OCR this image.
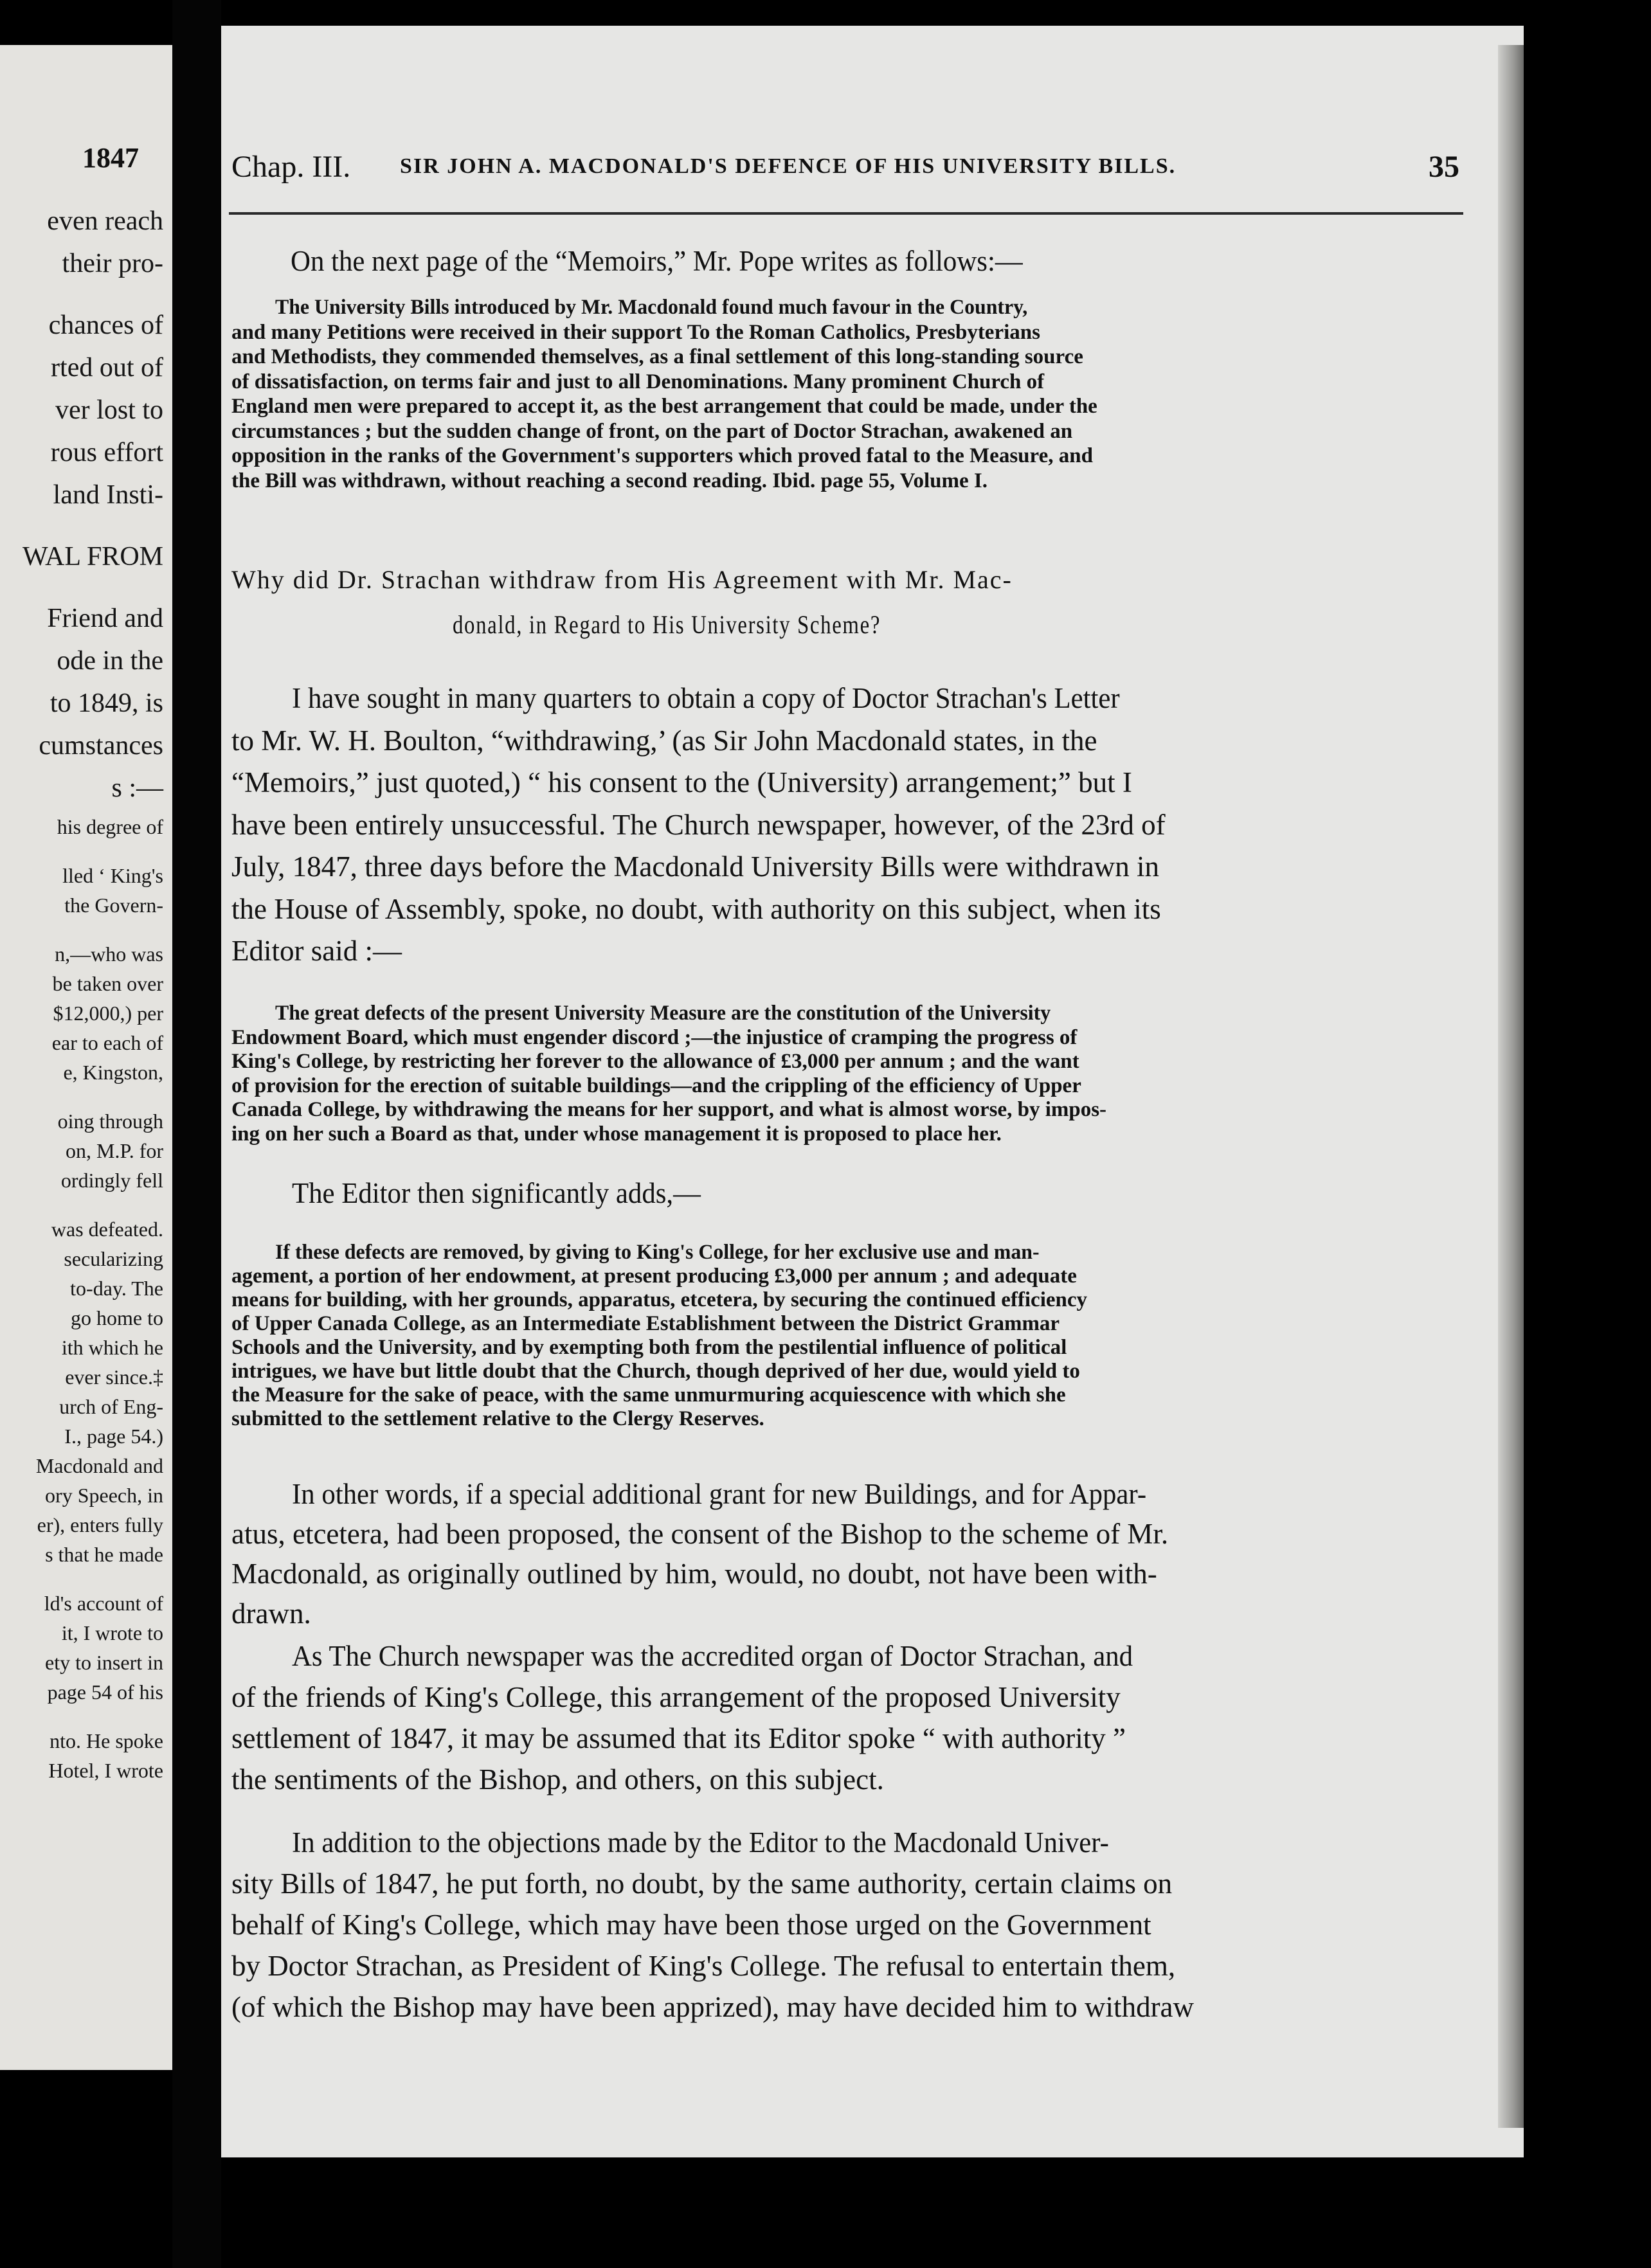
1847
even reach
their pro-
chances of
rted out of
ver lost to
rous effort
land Insti-
WAL FROM
Friend and
ode in the
to 1849, is
cumstances
s :—
his degree of
lled ‘ King's
the Govern-
n,—who was
be taken over
$12,000,) per
ear to each of
e, Kingston,
oing through
on, M.P. for
ordingly fell
was defeated.
secularizing
to-day. The
go home to
ith which he
ever since.‡
urch of Eng-
I., page 54.)
Macdonald and
ory Speech, in
er), enters fully
s that he made
ld's account of
it, I wrote to
ety to insert in
page 54 of his
nto. He spoke
Hotel, I wrote
Chap. III. SIR JOHN A. MACDONALD'S DEFENCE OF HIS UNIVERSITY BILLS.	35
On the next page of the “Memoirs,” Mr. Pope writes as follows:—
The University Bills introduced by Mr. Macdonald found much favour in the Country,
and many Petitions were received in their support To the Roman Catholics, Presbyterians
and Methodists, they commended themselves, as a final settlement of this long-standing source
of dissatisfaction, on terms fair and just to all Denominations. Many prominent Church of
England men were prepared to accept it, as the best arrangement that could be made, under the
circumstances ; but the sudden change of front, on the part of Doctor Strachan, awakened an
opposition in the ranks of the Government's supporters which proved fatal to the Measure, and
the Bill was withdrawn, without reaching a second reading. Ibid. page 55, Volume I.
Why did Dr. Strachan withdraw from His Agreement with Mr. Mac-
donald, in Regard to His University Scheme?
I have sought in many quarters to obtain a copy of Doctor Strachan's Letter
to Mr. W. H. Boulton, “withdrawing,’ (as Sir John Macdonald states, in the
“Memoirs,” just quoted,) “ his consent to the (University) arrangement;” but I
have been entirely unsuccessful. The Church newspaper, however, of the 23rd of
July, 1847, three days before the Macdonald University Bills were withdrawn in
the House of Assembly, spoke, no doubt, with authority on this subject, when its
Editor said :—
The great defects of the present University Measure are the constitution of the University
Endowment Board, which must engender discord ;—the injustice of cramping the progress of
King's College, by restricting her forever to the allowance of £3,000 per annum ; and the want
of provision for the erection of suitable buildings—and the crippling of the efficiency of Upper
Canada College, by withdrawing the means for her support, and what is almost worse, by impos-
ing on her such a Board as that, under whose management it is proposed to place her.
The Editor then significantly adds,—
If these defects are removed, by giving to King's College, for her exclusive use and man-
agement, a portion of her endowment, at present producing £3,000 per annum ; and adequate
means for building, with her grounds, apparatus, etcetera, by securing the continued efficiency
of Upper Canada College, as an Intermediate Establishment between the District Grammar
Schools and the University, and by exempting both from the pestilential influence of political
intrigues, we have but little doubt that the Church, though deprived of her due, would yield to
the Measure for the sake of peace, with the same unmurmuring acquiescence with which she
submitted to the settlement relative to the Clergy Reserves.
In other words, if a special additional grant for new Buildings, and for Appar-
atus, etcetera, had been proposed, the consent of the Bishop to the scheme of Mr.
Macdonald, as originally outlined by him, would, no doubt, not have been with-
drawn.
As The Church newspaper was the accredited organ of Doctor Strachan, and
of the friends of King's College, this arrangement of the proposed University
settlement of 1847, it may be assumed that its Editor spoke “ with authority ”
the sentiments of the Bishop, and others, on this subject.
In addition to the objections made by the Editor to the Macdonald Univer-
sity Bills of 1847, he put forth, no doubt, by the same authority, certain claims on
behalf of King's College, which may have been those urged on the Government
by Doctor Strachan, as President of King's College. The refusal to entertain them,
(of which the Bishop may have been apprized), may have decided him to withdraw
